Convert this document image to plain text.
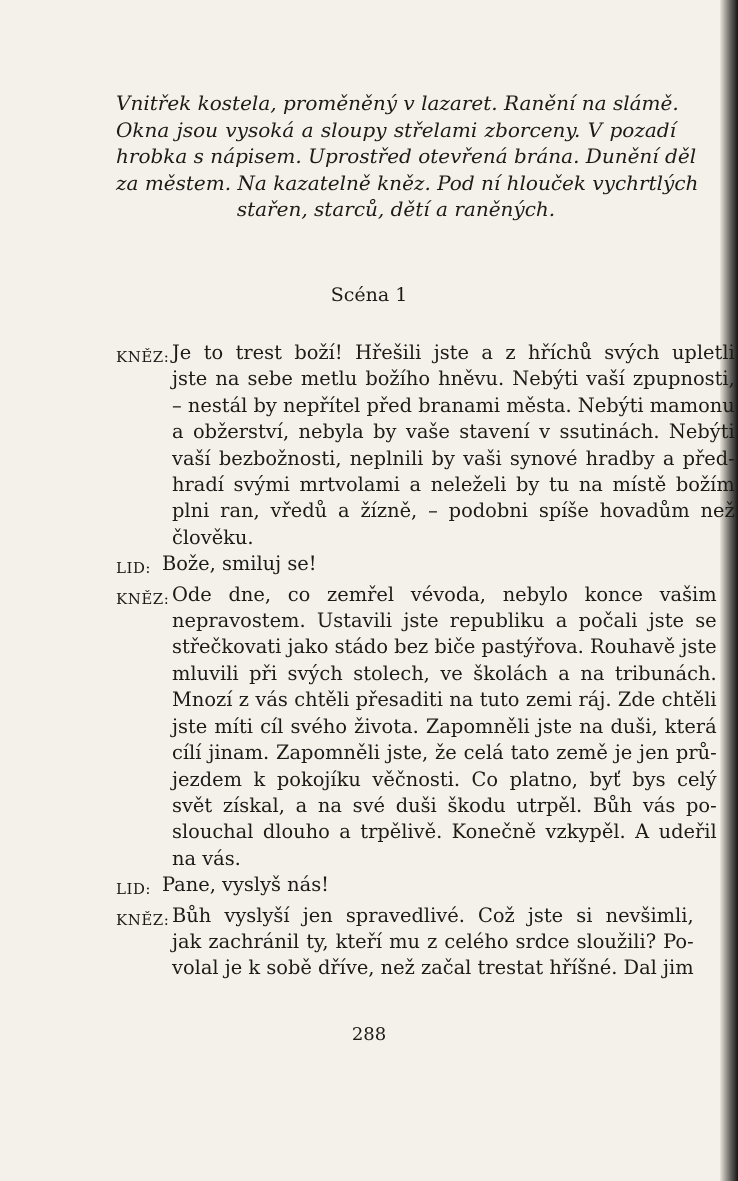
Vnitřek kostela, proměněný v lazaret. Ranění na slámě.
Okna jsou vysoká a sloupy střelami zborceny. V pozadí
hrobka s nápisem. Uprostřed otevřená brána. Dunění děl
za městem. Na kazatelně kněz. Pod ní hlouček vychrtlých
stařen, starců, dětí a raněných.
Scéna 1
KNĚZ: Je to trest boží! Hřešili jste a z hříchů svých upletli
jste na sebe metlu božího hněvu. Nebýti vaší zpupnosti,
– nestál by nepřítel před branami města. Nebýti mamonu
a obžerství, nebyla by vaše stavení v ssutinách. Nebýti
vaší bezbožnosti, neplnili by vaši synové hradby a před-
hradí svými mrtvolami a neleželi by tu na místě božím
plni ran, vředů a žízně, – podobni spíše hovadům než
člověku.
LID: Bože, smiluj se!
KNĚZ: Ode dne, co zemřel vévoda, nebylo konce vašim
nepravostem. Ustavili jste republiku a počali jste se
střečkovati jako stádo bez biče pastýřova. Rouhavě jste
mluvili při svých stolech, ve školách a na tribunách.
Mnozí z vás chtěli přesaditi na tuto zemi ráj. Zde chtěli
jste míti cíl svého života. Zapomněli jste na duši, která
cílí jinam. Zapomněli jste, že celá tato země je jen prů-
jezdem k pokojíku věčnosti. Co platno, byť bys celý
svět získal, a na své duši škodu utrpěl. Bůh vás po-
slouchal dlouho a trpělivě. Konečně vzkypěl. A udeřil
na vás.
LID: Pane, vyslyš nás!
KNĚZ: Bůh vyslyší jen spravedlivé. Což jste si nevšimli,
jak zachránil ty, kteří mu z celého srdce sloužili? Po-
volal je k sobě dříve, než začal trestat hříšné. Dal jim
288
